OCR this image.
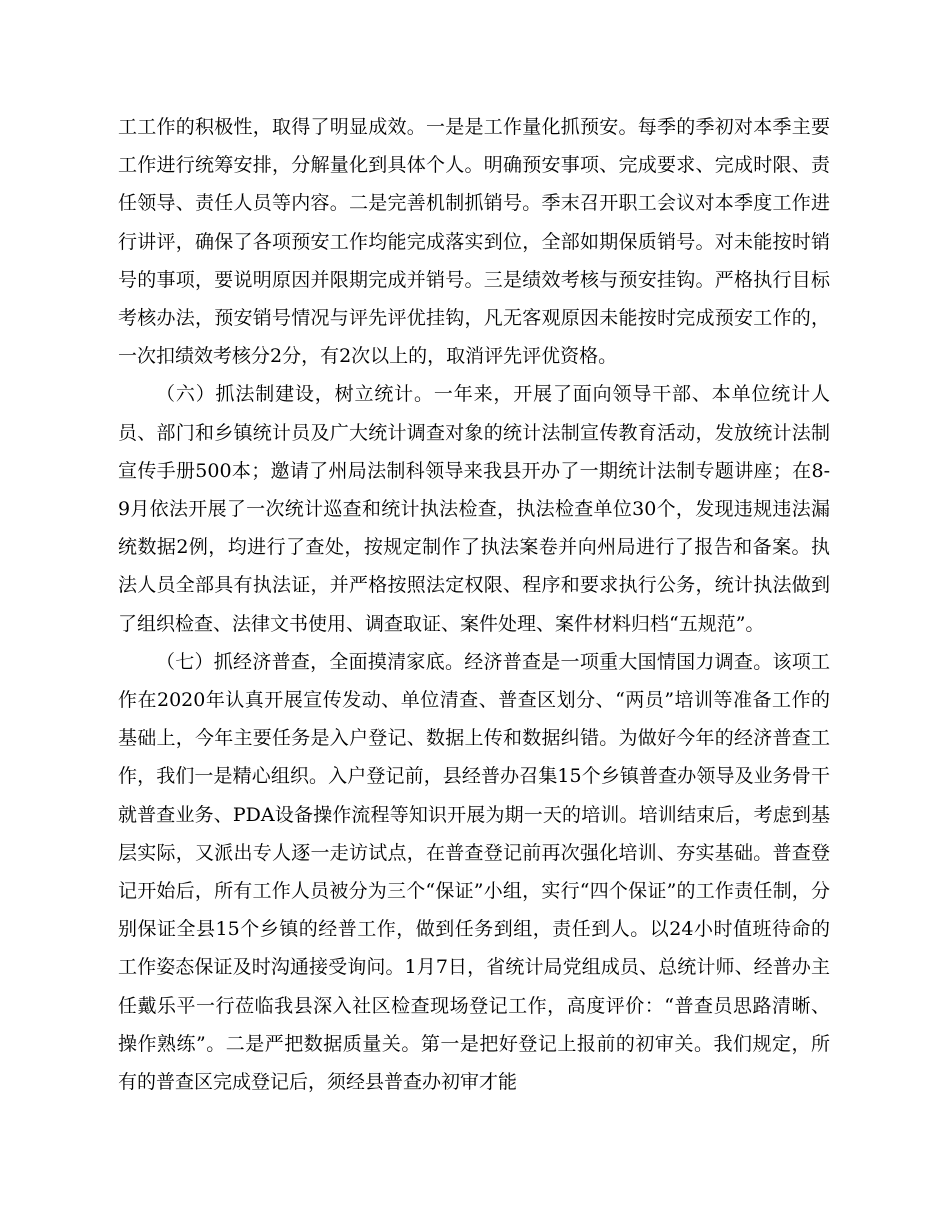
工工作的积极性，取得了明显成效。一是是工作量化抓预安。每季的季初对本季主要工作进行统筹安排，分解量化到具体个人。明确预安事项、完成要求、完成时限、责任领导、责任人员等内容。二是完善机制抓销号。季末召开职工会议对本季度工作进行讲评，确保了各项预安工作均能完成落实到位，全部如期保质销号。对未能按时销号的事项，要说明原因并限期完成并销号。三是绩效考核与预安挂钩。严格执行目标考核办法，预安销号情况与评先评优挂钩，凡无客观原因未能按时完成预安工作的，一次扣绩效考核分2分，有2次以上的，取消评先评优资格。

（六）抓法制建设，树立统计。一年来，开展了面向领导干部、本单位统计人员、部门和乡镇统计员及广大统计调查对象的统计法制宣传教育活动，发放统计法制宣传手册500本；邀请了州局法制科领导来我县开办了一期统计法制专题讲座；在8-9月依法开展了一次统计巡查和统计执法检查，执法检查单位30个，发现违规违法漏统数据2例，均进行了查处，按规定制作了执法案卷并向州局进行了报告和备案。执法人员全部具有执法证，并严格按照法定权限、程序和要求执行公务，统计执法做到了组织检查、法律文书使用、调查取证、案件处理、案件材料归档“五规范”。

（七）抓经济普查，全面摸清家底。经济普查是一项重大国情国力调查。该项工作在2020年认真开展宣传发动、单位清查、普查区划分、“两员”培训等准备工作的基础上，今年主要任务是入户登记、数据上传和数据纠错。为做好今年的经济普查工作，我们一是精心组织。入户登记前，县经普办召集15个乡镇普查办领导及业务骨干就普查业务、PDA设备操作流程等知识开展为期一天的培训。培训结束后，考虑到基层实际，又派出专人逐一走访试点，在普查登记前再次强化培训、夯实基础。普查登记开始后，所有工作人员被分为三个“保证”小组，实行“四个保证”的工作责任制，分别保证全县15个乡镇的经普工作，做到任务到组，责任到人。以24小时值班待命的工作姿态保证及时沟通接受询问。1月7日，省统计局党组成员、总统计师、经普办主任戴乐平一行莅临我县深入社区检查现场登记工作，高度评价：“普查员思路清晰、操作熟练”。二是严把数据质量关。第一是把好登记上报前的初审关。我们规定，所有的普查区完成登记后，须经县普查办初审才能
